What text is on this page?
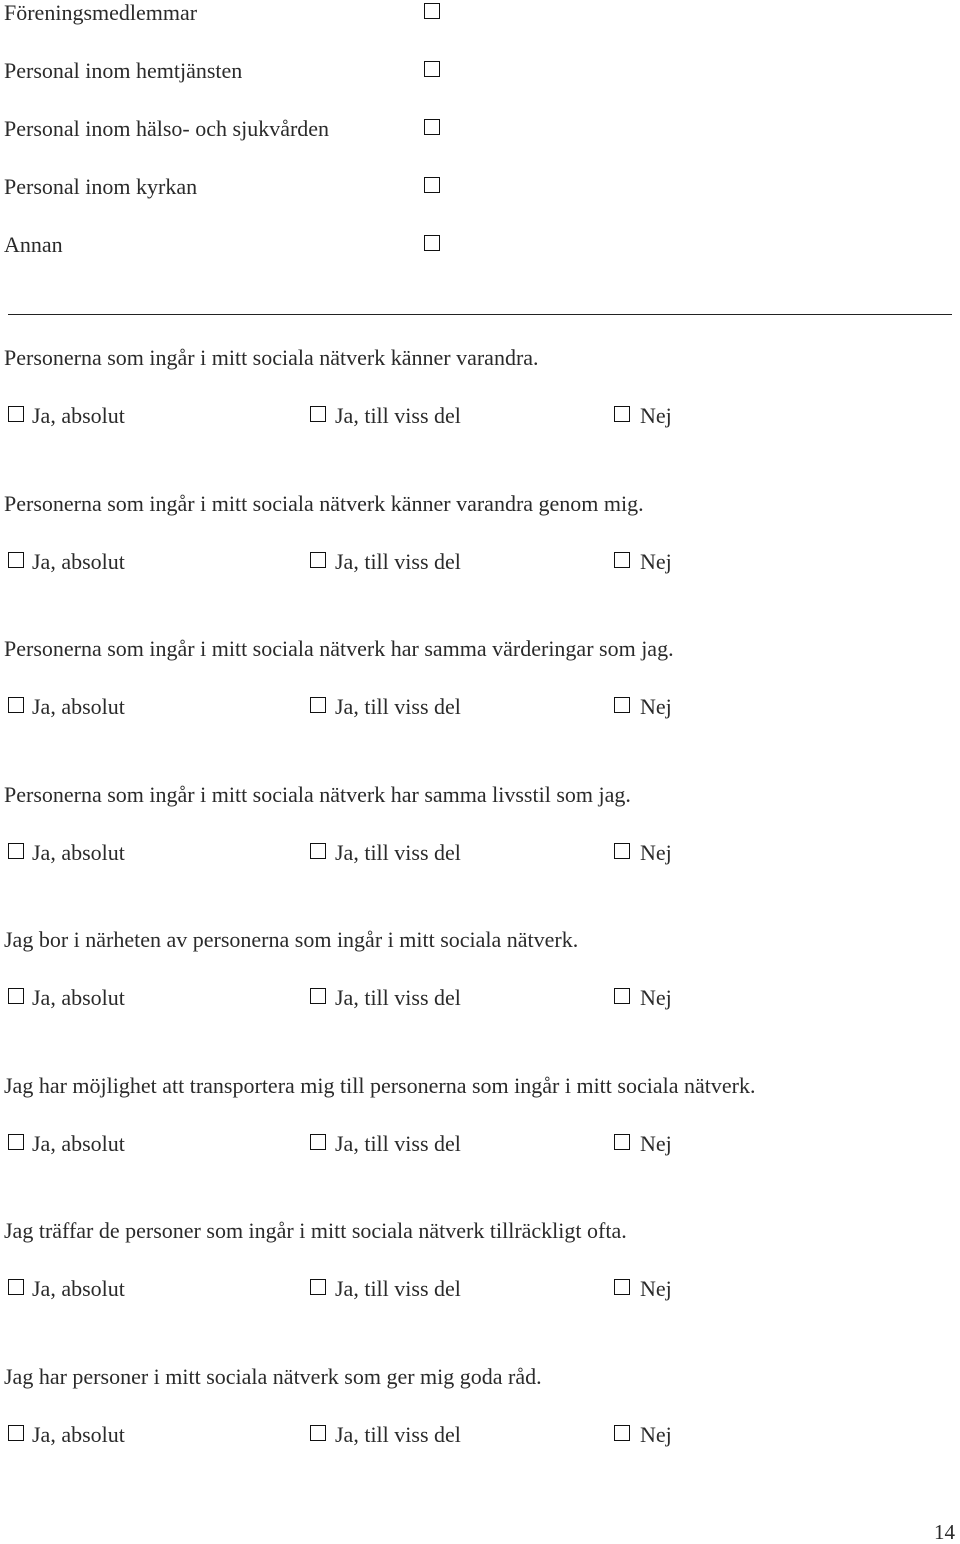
Föreningsmedlemmar
Personal inom hemtjänsten
Personal inom hälso- och sjukvården
Personal inom kyrkan
Annan
Personerna som ingår i mitt sociala nätverk känner varandra.
Ja, absolut	Ja, till viss del	Nej
Personerna som ingår i mitt sociala nätverk känner varandra genom mig.
Ja, absolut	Ja, till viss del	Nej
Personerna som ingår i mitt sociala nätverk har samma värderingar som jag.
Ja, absolut	Ja, till viss del	Nej
Personerna som ingår i mitt sociala nätverk har samma livsstil som jag.
Ja, absolut	Ja, till viss del	Nej
Jag bor i närheten av personerna som ingår i mitt sociala nätverk.
Ja, absolut	Ja, till viss del	Nej
Jag har möjlighet att transportera mig till personerna som ingår i mitt sociala nätverk.
Ja, absolut	Ja, till viss del	Nej
Jag träffar de personer som ingår i mitt sociala nätverk tillräckligt ofta.
Ja, absolut	Ja, till viss del	Nej
Jag har personer i mitt sociala nätverk som ger mig goda råd.
Ja, absolut	Ja, till viss del	Nej
14
